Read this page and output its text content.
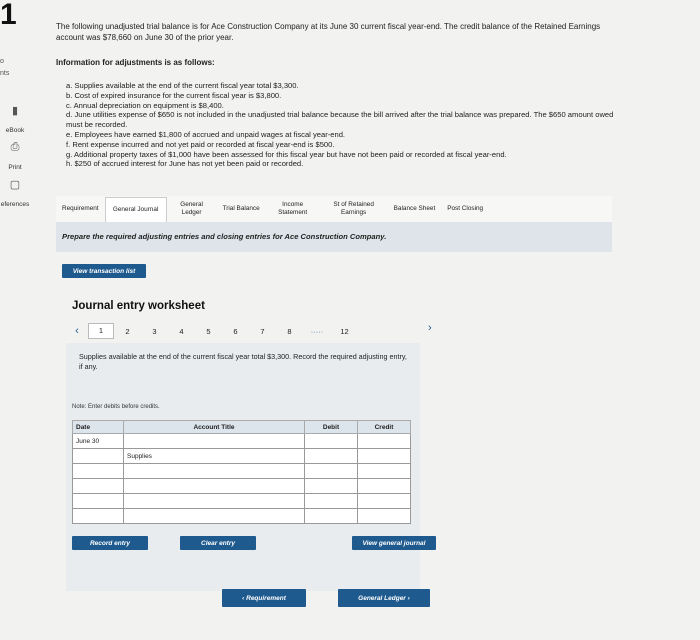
1
o
nts
▮
eBook
⎙
Print
▢
eferences
The following unadjusted trial balance is for Ace Construction Company at its June 30 current fiscal year-end. The credit balance of the Retained Earnings account was $78,660 on June 30 of the prior year.
Information for adjustments is as follows:
a. Supplies available at the end of the current fiscal year total $3,300.
b. Cost of expired insurance for the current fiscal year is $3,800.
c. Annual depreciation on equipment is $8,400.
d. June utilities expense of $650 is not included in the unadjusted trial balance because the bill arrived after the trial balance was prepared. The $650 amount owed must be recorded.
e. Employees have earned $1,800 of accrued and unpaid wages at fiscal year-end.
f. Rent expense incurred and not yet paid or recorded at fiscal year-end is $500.
g. Additional property taxes of $1,000 have been assessed for this fiscal year but have not been paid or recorded at fiscal year-end.
h. $250 of accrued interest for June has not yet been paid or recorded.
Requirement	General Journal
General Ledger
Trial Balance
Income Statement
St of Retained Earnings
Balance Sheet	Post Closing
Prepare the required adjusting entries and closing entries for Ace Construction Company.
View transaction list
Journal entry worksheet
‹	1	2	3	4	5	6	7	8	·····	12	›
Supplies available at the end of the current fiscal year total $3,300. Record the required adjusting entry, if any.
Note: Enter debits before credits.
Date	Account Title	Debit	Credit
June 30			
	Supplies		

Record entry	Clear entry	View general journal
‹ Requirement	General Ledger ›
